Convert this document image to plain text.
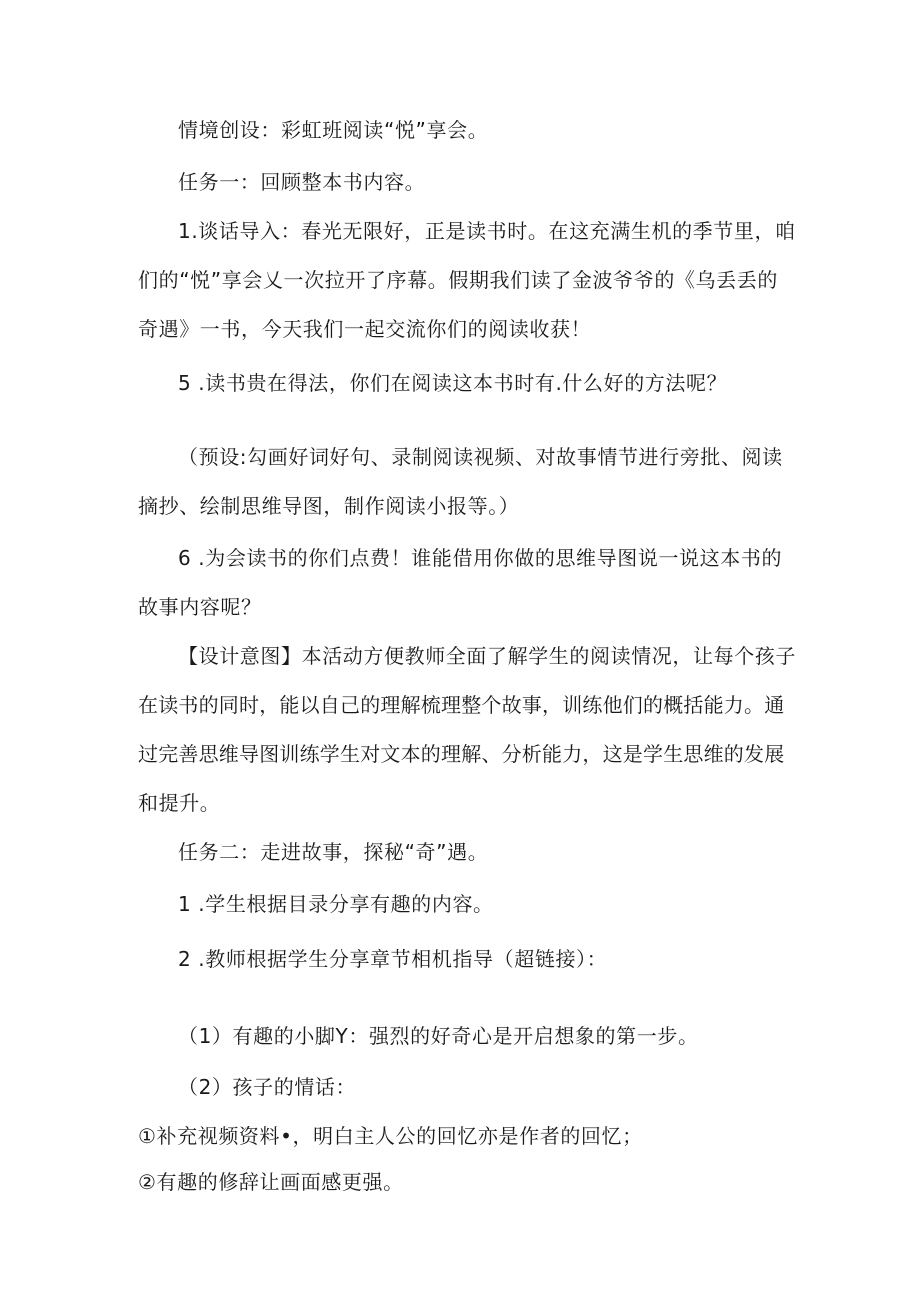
情境创设：彩虹班阅读“悦”享会。
任务一：回顾整本书内容。
1.谈话导入：春光无限好，正是读书时。在这充满生机的季节里，咱
们的“悦”享会乂一次拉开了序幕。假期我们读了金波爷爷的《乌丢丢的
奇遇》一书，今天我们一起交流你们的阅读收获！
5 .读书贵在得法，你们在阅读这本书时有.什么好的方法呢？
（预设:勾画好词好句、录制阅读视频、对故事情节进行旁批、阅读
摘抄、绘制思维导图，制作阅读小报等。）
6 .为会读书的你们点费！谁能借用你做的思维导图说一说这本书的
故事内容呢？
【设计意图】本活动方便教师全面了解学生的阅读情况，让每个孩子
在读书的同时，能以自己的理解梳理整个故事，训练他们的概括能力。通
过完善思维导图训练学生对文本的理解、分析能力，这是学生思维的发展
和提升。
任务二：走进故事，探秘“奇”遇。
1 .学生根据目录分享有趣的内容。
2 .教师根据学生分享章节相机指导（超链接）：
（1）有趣的小脚Y：强烈的好奇心是开启想象的第一步。
（2）孩子的情话：
①补充视频资料•，明白主人公的回忆亦是作者的回忆；
②有趣的修辞让画面感更强。
